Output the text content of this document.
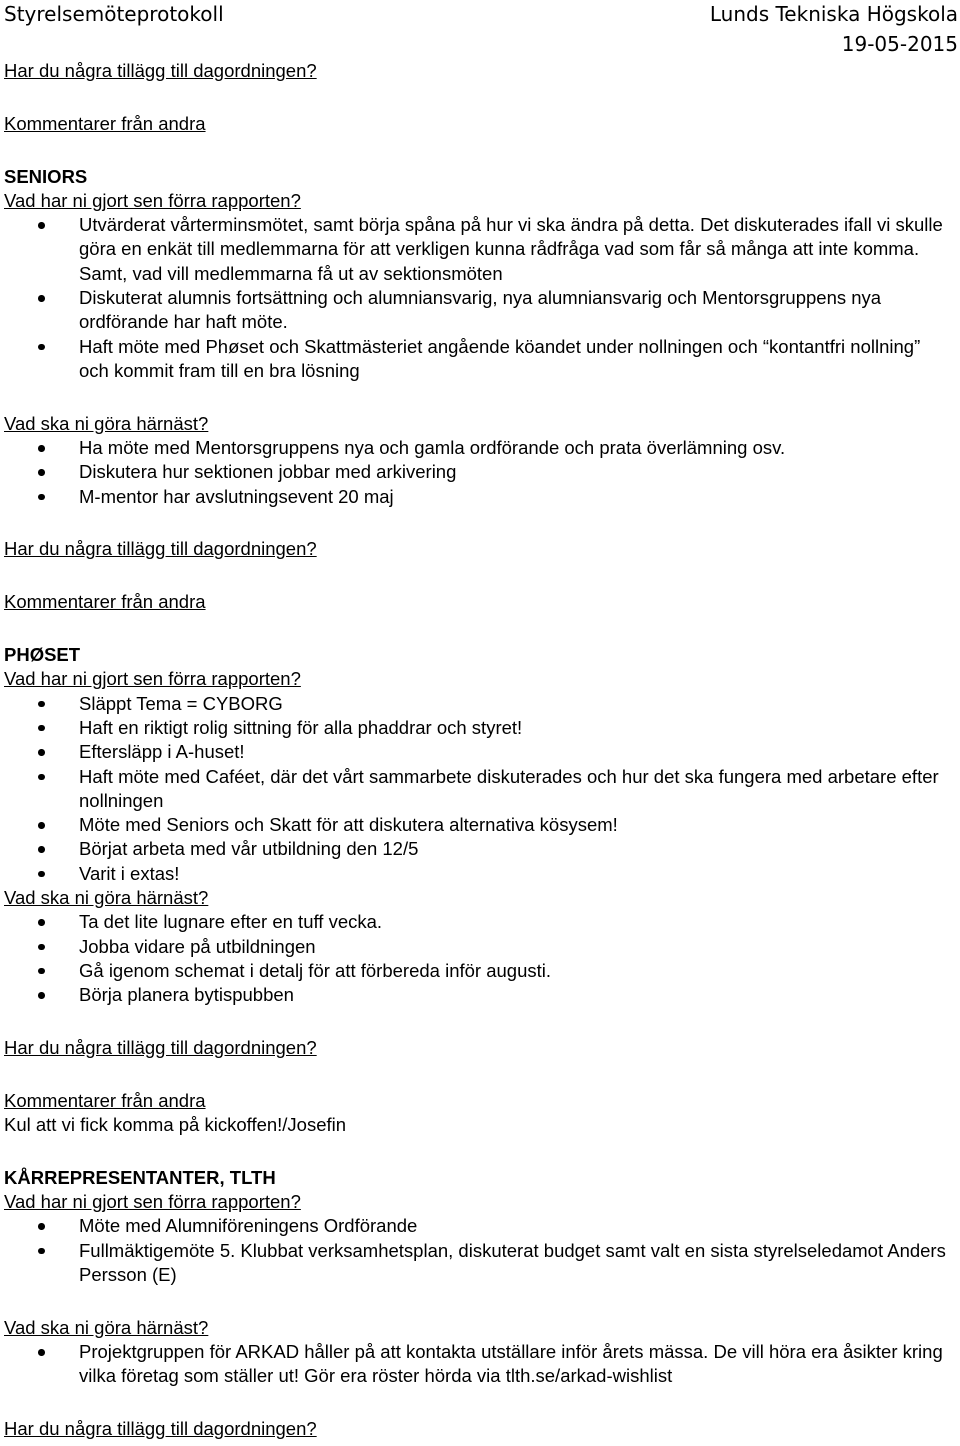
Styrelsemöteprotokoll	Lunds Tekniska Högskola
19-05-2015
Har du några tillägg till dagordningen?
Kommentarer från andra
SENIORS
Vad har ni gjort sen förra rapporten?
Utvärderat vårterminsmötet, samt börja spåna på hur vi ska ändra på detta. Det diskuterades ifall vi skulle göra en enkät till medlemmarna för att verkligen kunna rådfråga vad som får så många att inte komma. Samt, vad vill medlemmarna få ut av sektionsmöten
Diskuterat alumnis fortsättning och alumniansvarig, nya alumniansvarig och Mentorsgruppens nya ordförande har haft möte.
Haft möte med Phøset och Skattmästeriet angående köandet under nollningen och “kontantfri nollning” och kommit fram till en bra lösning
Vad ska ni göra härnäst?
Ha möte med Mentorsgruppens nya och gamla ordförande och prata överlämning osv.
Diskutera hur sektionen jobbar med arkivering
M-mentor har avslutningsevent 20 maj
Har du några tillägg till dagordningen?
Kommentarer från andra
PHØSET
Vad har ni gjort sen förra rapporten?
Släppt Tema = CYBORG
Haft en riktigt rolig sittning för alla phaddrar och styret!
Eftersläpp i A-huset!
Haft möte med Caféet, där det vårt sammarbete diskuterades och hur det ska fungera med arbetare efter nollningen
Möte med Seniors och Skatt för att diskutera alternativa kösysem!
Börjat arbeta med vår utbildning den 12/5
Varit i extas!
Vad ska ni göra härnäst?
Ta det lite lugnare efter en tuff vecka.
Jobba vidare på utbildningen
Gå igenom schemat i detalj för att förbereda inför augusti.
Börja planera bytispubben
Har du några tillägg till dagordningen?
Kommentarer från andra
Kul att vi fick komma på kickoffen!/Josefin
KÅRREPRESENTANTER, TLTH
Vad har ni gjort sen förra rapporten?
Möte med Alumniföreningens Ordförande
Fullmäktigemöte 5. Klubbat verksamhetsplan, diskuterat budget samt valt en sista styrelseledamot Anders Persson (E)
Vad ska ni göra härnäst?
Projektgruppen för ARKAD håller på att kontakta utställare inför årets mässa. De vill höra era åsikter kring vilka företag som ställer ut! Gör era röster hörda via tlth.se/arkad-wishlist
Har du några tillägg till dagordningen?
